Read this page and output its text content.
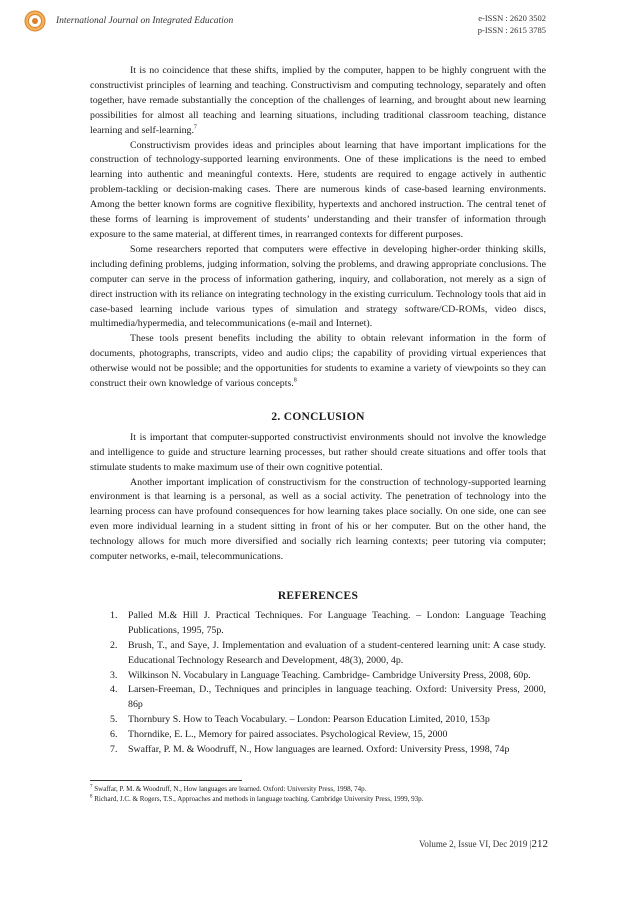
International Journal on Integrated Education	e-ISSN : 2620 3502
p-ISSN : 2615 3785

It is no coincidence that these shifts, implied by the computer, happen to be highly congruent with the constructivist principles of learning and teaching. Constructivism and computing technology, separately and often together, have remade substantially the conception of the challenges of learning, and brought about new learning possibilities for almost all teaching and learning situations, including traditional classroom teaching, distance learning and self-learning.$^7$

Constructivism provides ideas and principles about learning that have important implications for the construction of technology-supported learning environments. One of these implications is the need to embed learning into authentic and meaningful contexts. Here, students are required to engage actively in authentic problem-tackling or decision-making cases. There are numerous kinds of case-based learning environments. Among the better known forms are cognitive flexibility, hypertexts and anchored instruction. The central tenet of these forms of learning is improvement of students’ understanding and their transfer of information through exposure to the same material, at different times, in rearranged contexts for different purposes.

Some researchers reported that computers were effective in developing higher-order thinking skills, including defining problems, judging information, solving the problems, and drawing appropriate conclusions. The computer can serve in the process of information gathering, inquiry, and collaboration, not merely as a sign of direct instruction with its reliance on integrating technology in the existing curriculum. Technology tools that aid in case-based learning include various types of simulation and strategy software/CD-ROMs, video discs, multimedia/hypermedia, and telecommunications (e-mail and Internet).

These tools present benefits including the ability to obtain relevant information in the form of documents, photographs, transcripts, video and audio clips; the capability of providing virtual experiences that otherwise would not be possible; and the opportunities for students to examine a variety of viewpoints so they can construct their own knowledge of various concepts.$^8$

2. CONCLUSION

It is important that computer-supported constructivist environments should not involve the knowledge and intelligence to guide and structure learning processes, but rather should create situations and offer tools that stimulate students to make maximum use of their own cognitive potential.

Another important implication of constructivism for the construction of technology-supported learning environment is that learning is a personal, as well as a social activity. The penetration of technology into the learning process can have profound consequences for how learning takes place socially. On one side, one can see even more individual learning in a student sitting in front of his or her computer. But on the other hand, the technology allows for much more diversified and socially rich learning contexts; peer tutoring via computer; computer networks, e-mail, telecommunications.

REFERENCES
1. Palled M.& Hill J. Practical Techniques. For Language Teaching. – London: Language Teaching Publications, 1995, 75p.
2. Brush, T., and Saye, J. Implementation and evaluation of a student-centered learning unit: A case study. Educational Technology Research and Development, 48(3), 2000, 4p.
3. Wilkinson N. Vocabulary in Language Teaching. Cambridge- Cambridge University Press, 2008, 60p.
4. Larsen-Freeman, D., Techniques and principles in language teaching. Oxford: University Press, 2000, 86p
5. Thornbury S. How to Teach Vocabulary. – London: Pearson Education Limited, 2010, 153p
6. Thorndike, E. L., Memory for paired associates. Psychological Review, 15, 2000
7. Swaffar, P. M. & Woodruff, N., How languages are learned. Oxford: University Press, 1998, 74p
$^7$ Swaffar, P. M. & Woodruff, N., How languages are learned. Oxford: University Press, 1998, 74p.
$^8$ Richard, J.C. & Rogers, T.S., Approaches and methods in language teaching. Cambridge University Press, 1999, 93p.
Volume 2, Issue VI, Dec 2019 |212
